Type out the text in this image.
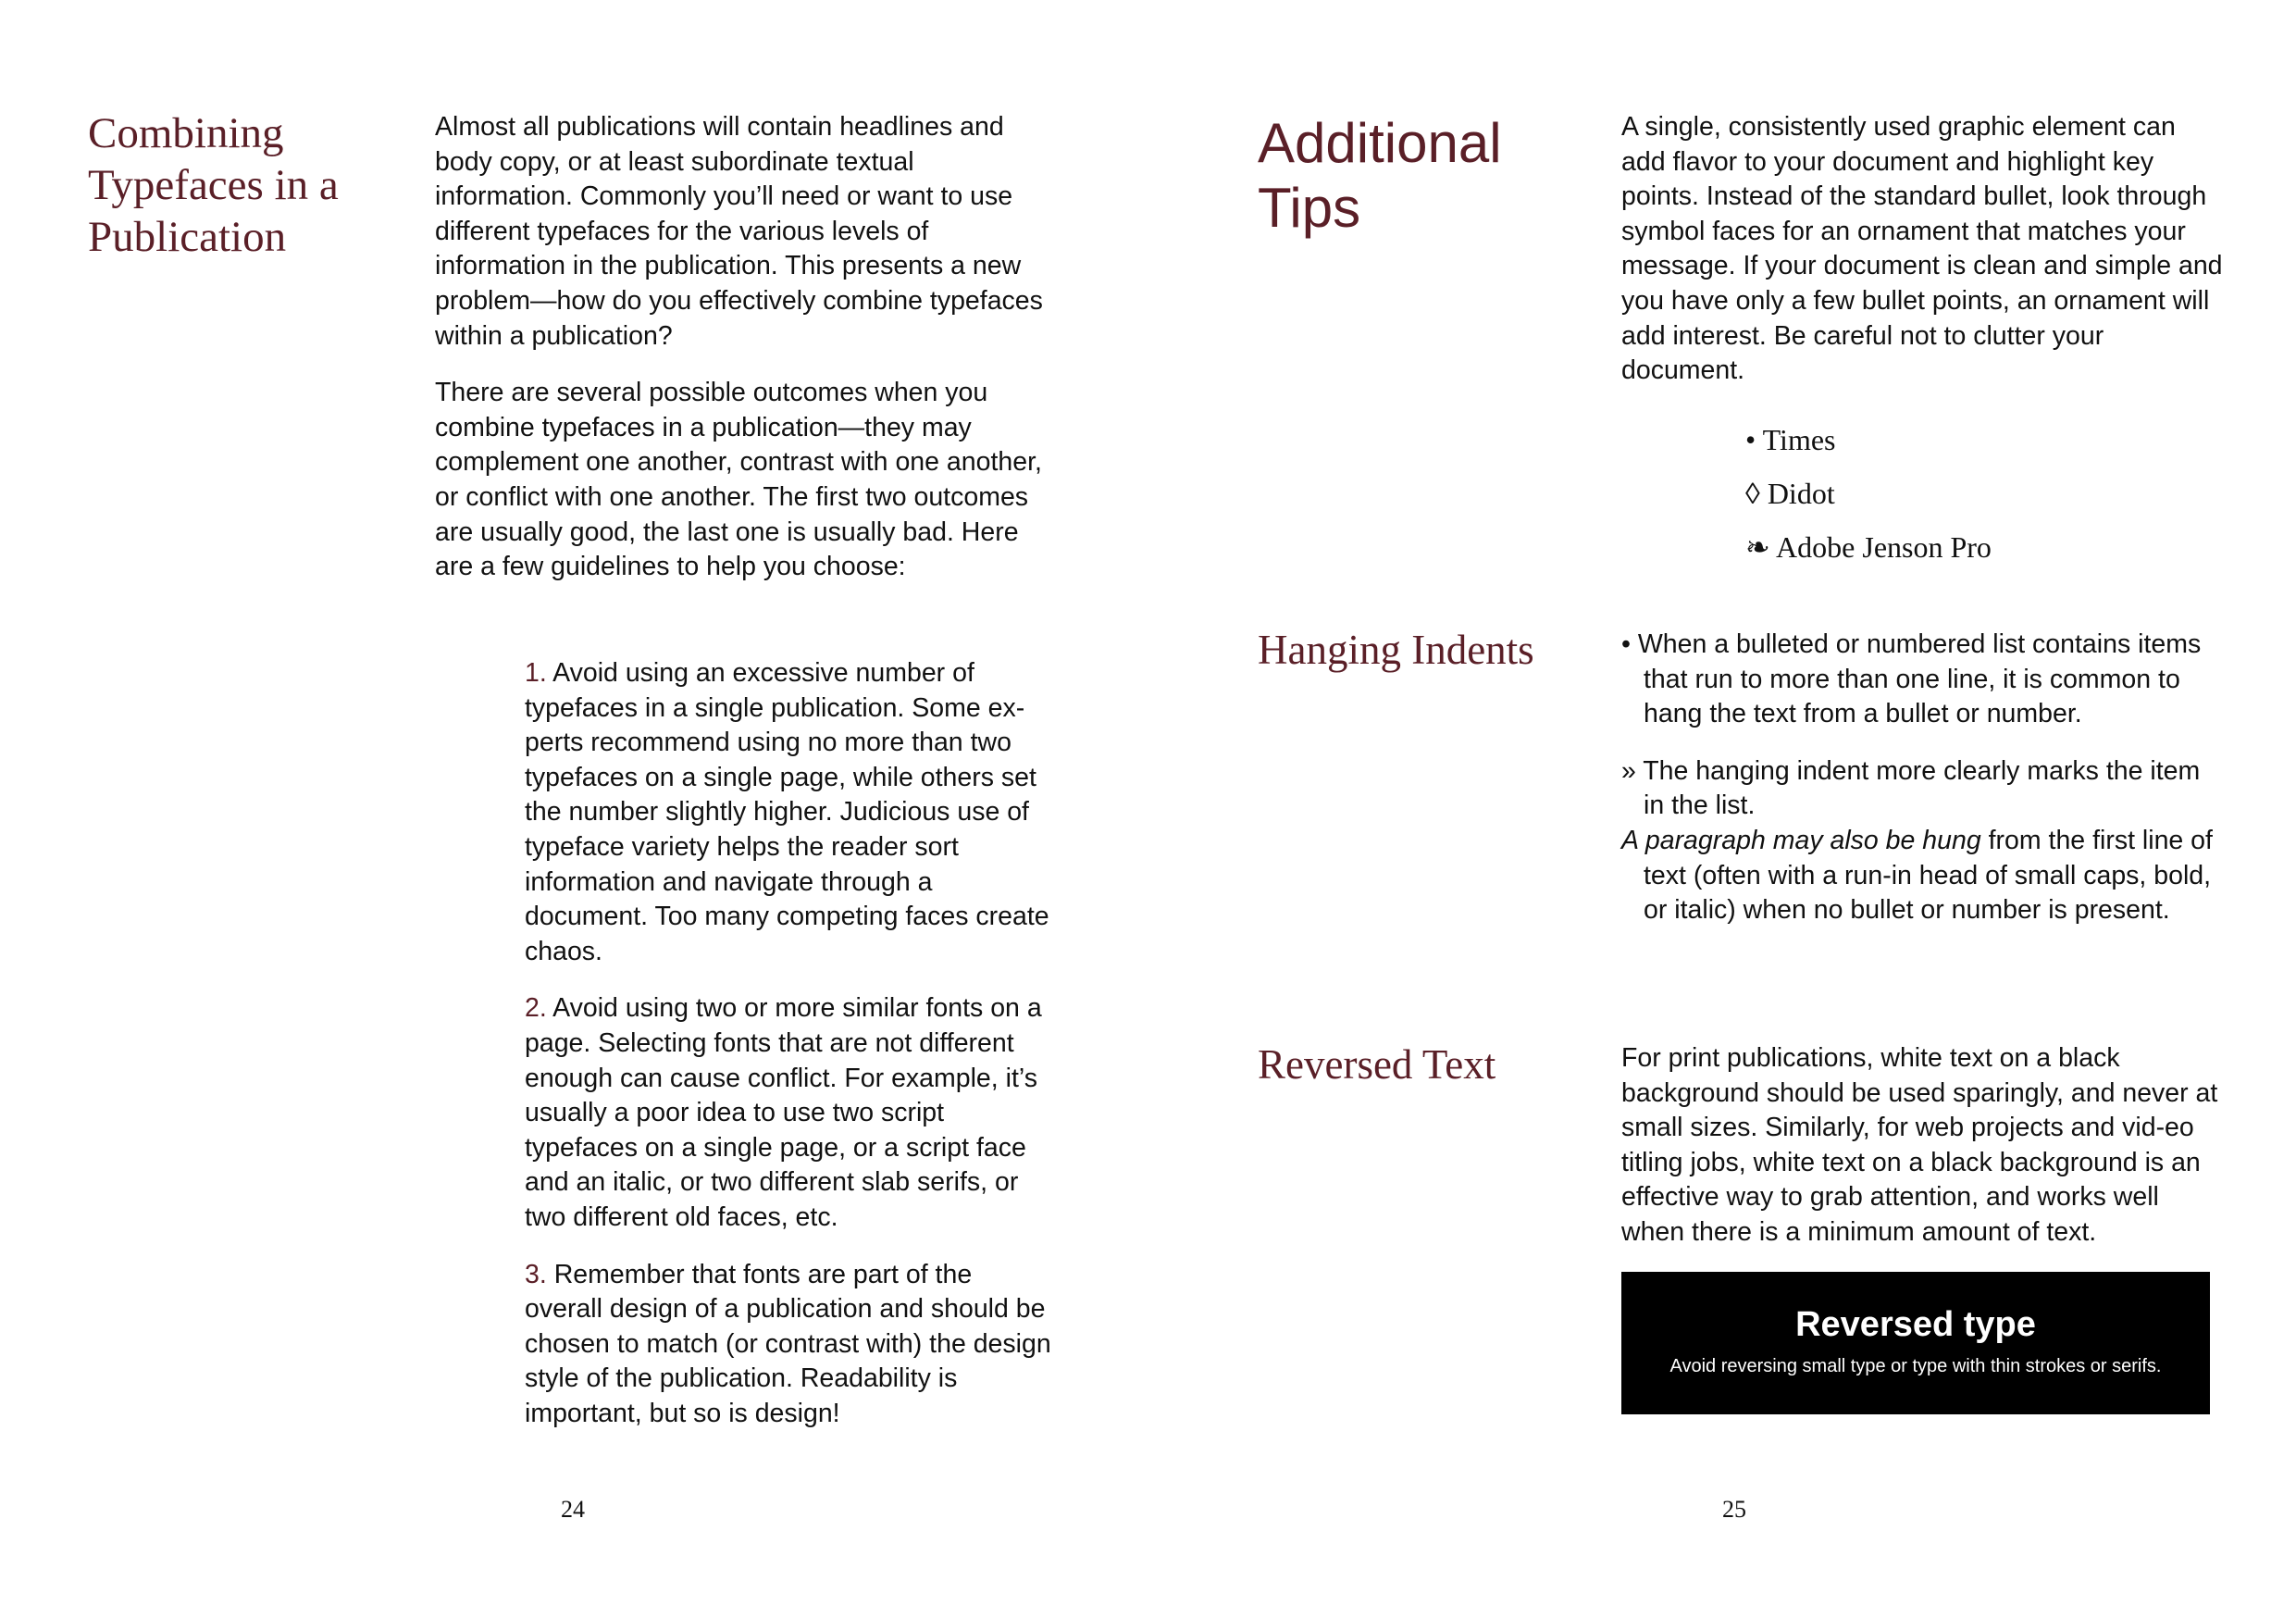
Combining
Typefaces in a
Publication

Almost all publications will contain headlines and body copy, or at least subordinate textual information. Commonly you’ll need or want to use different typefaces for the various levels of information in the publication. This presents a new problem—how do you effectively combine typefaces within a publication?

There are several possible outcomes when you combine typefaces in a publication—they may complement one another, contrast with one another, or conflict with one another. The first two outcomes are usually good, the last one is usually bad. Here are a few guidelines to help you choose:

1. Avoid using an excessive number of typefaces in a single publication. Some ex-perts recommend using no more than two typefaces on a single page, while others set the number slightly higher. Judicious use of typeface variety helps the reader sort information and navigate through a document. Too many competing faces create chaos.

2. Avoid using two or more similar fonts on a page. Selecting fonts that are not different enough can cause conflict. For example, it’s usually a poor idea to use two script typefaces on a single page, or a script face and an italic, or two different slab serifs, or two different old faces, etc.

3. Remember that fonts are part of the overall design of a publication and should be chosen to match (or contrast with) the design style of the publication. Readability is important, but so is design!

24
Additional
Tips

A single, consistently used graphic element can add flavor to your document and highlight key points. Instead of the standard bullet, look through symbol faces for an ornament that matches your message. If your document is clean and simple and you have only a few bullet points, an ornament will add interest. Be careful not to clutter your document.

• Times
◊ Didot
❧ Adobe Jenson Pro
Hanging Indents	• When a bulleted or numbered list contains items that run to more than one line, it is common to hang the text from a bullet or number.

» The hanging indent more clearly marks the item in the list.

A paragraph may also be hung from the first line of text (often with a run-in head of small caps, bold, or italic) when no bullet or number is present.

Reversed Text	For print publications, white text on a black background should be used sparingly, and never at small sizes. Similarly, for web projects and vid-eo titling jobs, white text on a black background is an effective way to grab attention, and works well when there is a minimum amount of text.

Reversed type
Avoid reversing small type or type with thin strokes or serifs.
25
